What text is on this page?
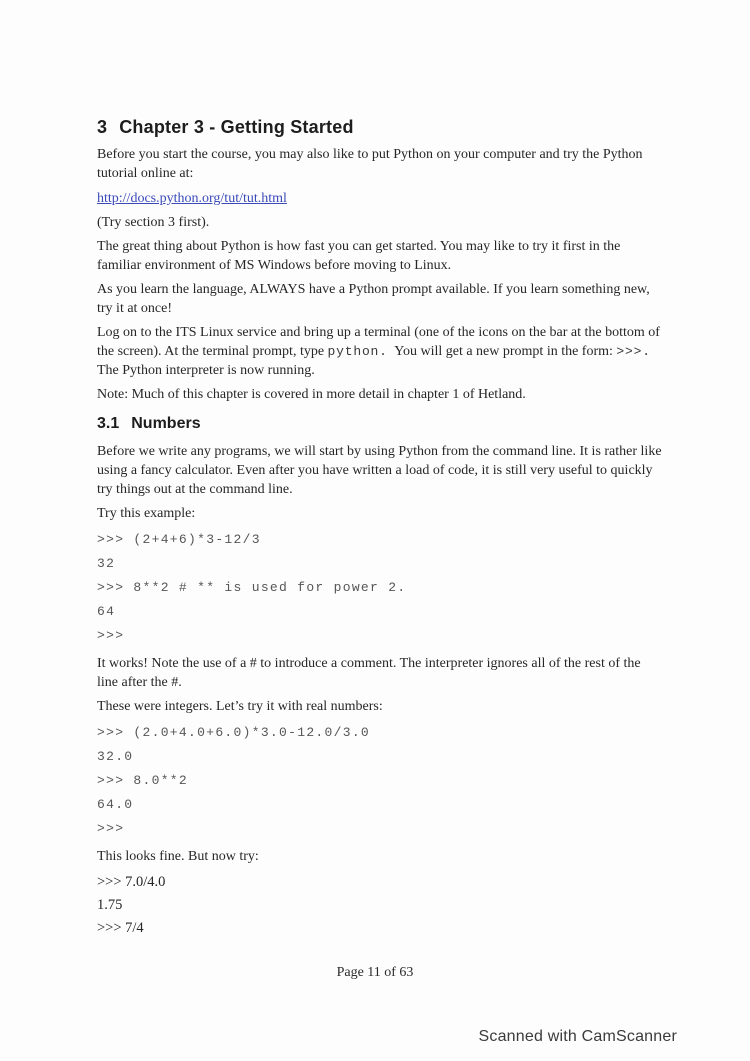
3 Chapter 3 - Getting Started

Before you start the course, you may also like to put Python on your computer and try the Python tutorial online at:

http://docs.python.org/tut/tut.html

(Try section 3 first).

The great thing about Python is how fast you can get started. You may like to try it first in the familiar environment of MS Windows before moving to Linux.

As you learn the language, ALWAYS have a Python prompt available. If you learn something new, try it at once!

Log on to the ITS Linux service and bring up a terminal (one of the icons on the bar at the bottom of the screen). At the terminal prompt, type python.  You will get a new prompt in the form: >>>.  The Python interpreter is now running.

Note: Much of this chapter is covered in more detail in chapter 1 of Hetland.

3.1 Numbers

Before we write any programs, we will start by using Python from the command line. It is rather like using a fancy calculator. Even after you have written a load of code, it is still very useful to quickly try things out at the command line.

Try this example:

>>> (2+4+6)*3-12/3
32
>>> 8**2 # ** is used for power 2.
64
>>>

It works! Note the use of a # to introduce a comment. The interpreter ignores all of the rest of the line after the #.

These were integers. Let’s try it with real numbers:

>>> (2.0+4.0+6.0)*3.0-12.0/3.0
32.0
>>> 8.0**2
64.0
>>>

This looks fine. But now try:

>>> 7.0/4.0
1.75
>>> 7/4
Page 11 of 63
Scanned with CamScanner
